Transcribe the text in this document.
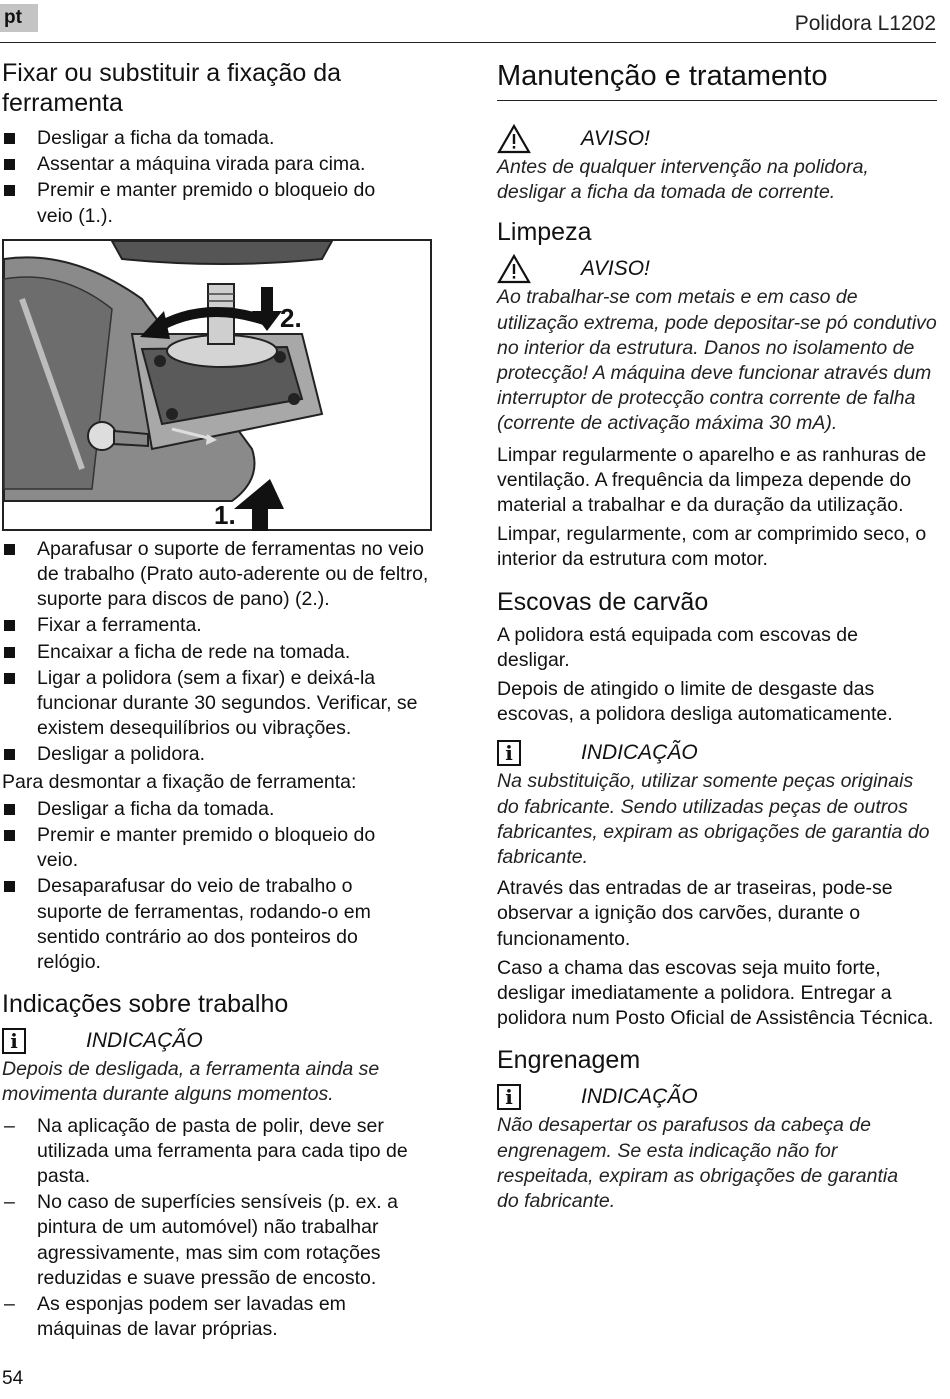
pt	Polidora L1202
Fixar ou substituir a fixação da ferramenta
Desligar a ficha da tomada.
Assentar a máquina virada para cima.
Premir e manter premido o bloqueio do veio (1.).
2.
1.
Aparafusar o suporte de ferramentas no veio de trabalho (Prato auto-aderente ou de feltro, suporte para discos de pano) (2.).
Fixar a ferramenta.
Encaixar a ficha de rede na tomada.
Ligar a polidora (sem a fixar) e deixá-la funcionar durante 30 segundos. Verificar, se existem desequilíbrios ou vibrações.
Desligar a polidora.

Para desmontar a fixação de ferramenta:

Desligar a ficha da tomada.
Premir e manter premido o bloqueio do veio.
Desaparafusar do veio de trabalho o suporte de ferramentas, rodando-o em sentido contrário ao dos ponteiros do relógio.
Indicações sobre trabalho
i	INDICAÇÃO

Depois de desligada, a ferramenta ainda se movimenta durante alguns momentos.

– Na aplicação de pasta de polir, deve ser utilizada uma ferramenta para cada tipo de pasta.
– No caso de superfícies sensíveis (p. ex. a pintura de um automóvel) não trabalhar agressivamente, mas sim com rotações reduzidas e suave pressão de encosto.
– As esponjas podem ser lavadas em máquinas de lavar próprias.
Manutenção e tratamento
AVISO!

Antes de qualquer intervenção na polidora, desligar a ficha da tomada de corrente.

Limpeza
AVISO!

Ao trabalhar-se com metais e em caso de utilização extrema, pode depositar-se pó condutivo no interior da estrutura. Danos no isolamento de protecção! A máquina deve funcionar através dum interruptor de protecção contra corrente de falha (corrente de activação máxima 30 mA).

Limpar regularmente o aparelho e as ranhuras de ventilação. A frequência da limpeza depende do material a trabalhar e da duração da utilização.

Limpar, regularmente, com ar comprimido seco, o interior da estrutura com motor.

Escovas de carvão

A polidora está equipada com escovas de desligar.

Depois de atingido o limite de desgaste das escovas, a polidora desliga automaticamente.

i	INDICAÇÃO

Na substituição, utilizar somente peças originais do fabricante. Sendo utilizadas peças de outros fabricantes, expiram as obrigações de garantia do fabricante.

Através das entradas de ar traseiras, pode-se observar a ignição dos carvões, durante o funcionamento.

Caso a chama das escovas seja muito forte, desligar imediatamente a polidora. Entregar a polidora num Posto Oficial de Assistência Técnica.

Engrenagem
i	INDICAÇÃO

Não desapertar os parafusos da cabeça de engrenagem. Se esta indicação não for respeitada, expiram as obrigações de garantia do fabricante.

54
